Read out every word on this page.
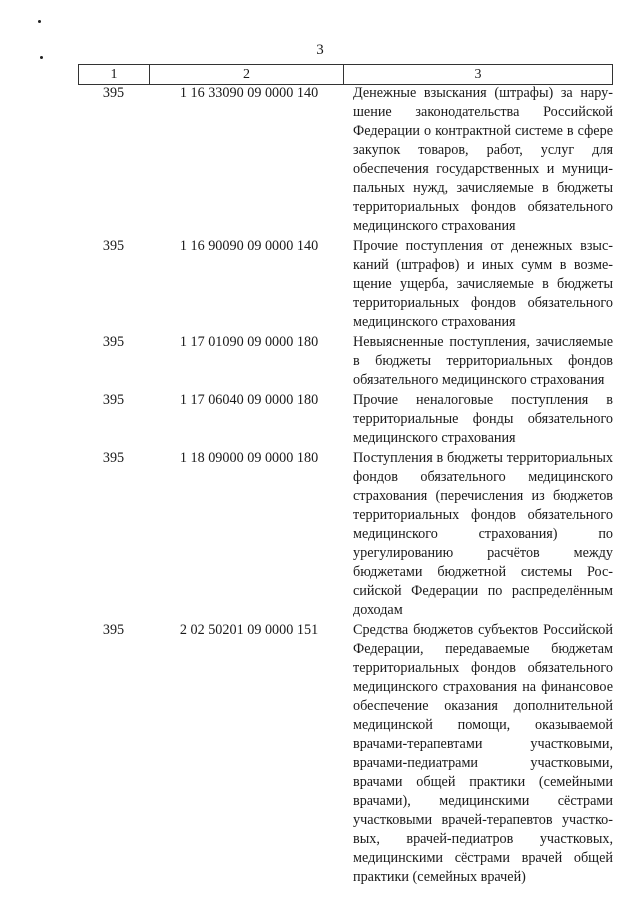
3
1	2	3
395	1 16 33090 09 0000 140	Денежные взыскания (штрафы) за нарушение законодательства Российской Федерации о контрактной системе в сфере закупок товаров, работ, услуг для обеспечения государственных и муниципальных нужд, зачисляемые в бюджеты территориальных фондов обязательного медицинского страхования
395	1 16 90090 09 0000 140	Прочие поступления от денежных взысканий (штрафов) и иных сумм в возмещение ущерба, зачисляемые в бюджеты территориальных фондов обязательного медицинского страхования
395	1 17 01090 09 0000 180	Невыясненные поступления, зачисляемые в бюджеты территориальных фондов обязательного медицинского страхования
395	1 17 06040 09 0000 180	Прочие неналоговые поступления в территориальные фонды обязательного медицинского страхования
395	1 18 09000 09 0000 180	Поступления в бюджеты территориальных фондов обязательного медицинского страхования (перечисления из бюджетов территориальных фондов обязательного медицинского страхования) по урегулированию расчётов между бюджетами бюджетной системы Российской Федерации по распределённым доходам
395	2 02 50201 09 0000 151	Средства бюджетов субъектов Российской Федерации, передаваемые бюджетам территориальных фондов обязательного медицинского страхования на финансовое обеспечение оказания дополнительной медицинской помощи, оказываемой врачами-терапевтами участковыми, врачами-педиатрами участковыми, врачами общей практики (семейными врачами), медицинскими сёстрами участковыми врачей-терапевтов участковых, врачей-педиатров участковых, медицинскими сёстрами врачей общей практики (семейных врачей)
